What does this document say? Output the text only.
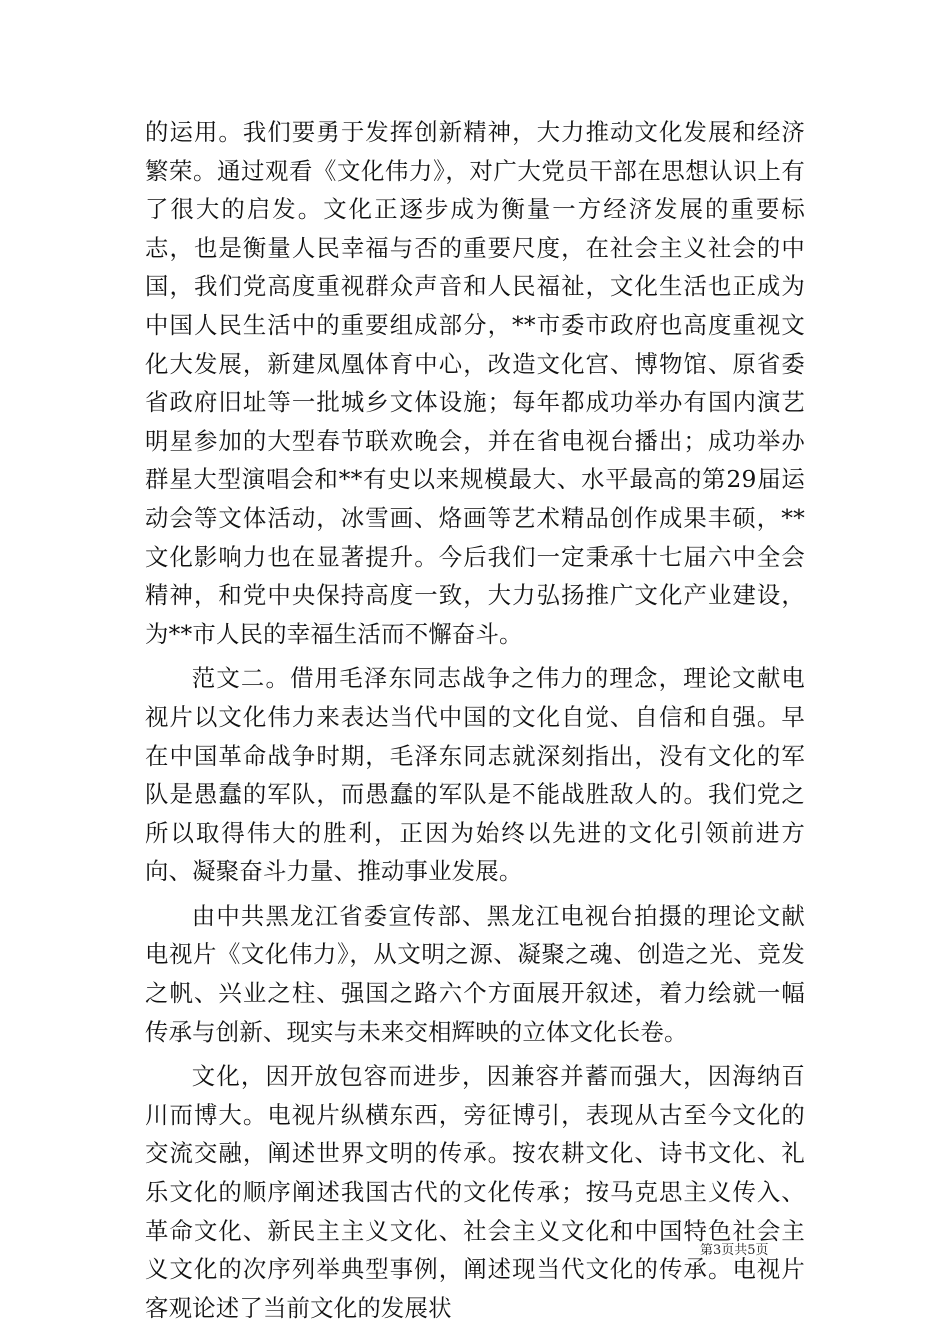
的运用。我们要勇于发挥创新精神，大力推动文化发展和经济繁荣。通过观看《文化伟力》，对广大党员干部在思想认识上有了很大的启发。文化正逐步成为衡量一方经济发展的重要标志，也是衡量人民幸福与否的重要尺度，在社会主义社会的中国，我们党高度重视群众声音和人民福祉，文化生活也正成为中国人民生活中的重要组成部分，**市委市政府也高度重视文化大发展，新建凤凰体育中心，改造文化宫、博物馆、原省委省政府旧址等一批城乡文体设施；每年都成功举办有国内演艺明星参加的大型春节联欢晚会，并在省电视台播出；成功举办群星大型演唱会和**有史以来规模最大、水平最高的第29届运动会等文体活动，冰雪画、烙画等艺术精品创作成果丰硕，**文化影响力也在显著提升。今后我们一定秉承十七届六中全会精神，和党中央保持高度一致，大力弘扬推广文化产业建设，为**市人民的幸福生活而不懈奋斗。

范文二。借用毛泽东同志战争之伟力的理念，理论文献电视片以文化伟力来表达当代中国的文化自觉、自信和自强。早在中国革命战争时期，毛泽东同志就深刻指出，没有文化的军队是愚蠢的军队，而愚蠢的军队是不能战胜敌人的。我们党之所以取得伟大的胜利，正因为始终以先进的文化引领前进方向、凝聚奋斗力量、推动事业发展。

由中共黑龙江省委宣传部、黑龙江电视台拍摄的理论文献电视片《文化伟力》，从文明之源、凝聚之魂、创造之光、竞发之帆、兴业之柱、强国之路六个方面展开叙述，着力绘就一幅传承与创新、现实与未来交相辉映的立体文化长卷。

文化，因开放包容而进步，因兼容并蓄而强大，因海纳百川而博大。电视片纵横东西，旁征博引，表现从古至今文化的交流交融，阐述世界文明的传承。按农耕文化、诗书文化、礼乐文化的顺序阐述我国古代的文化传承；按马克思主义传入、革命文化、新民主主义文化、社会主义文化和中国特色社会主义文化的次序列举典型事例，阐述现当代文化的传承。电视片客观论述了当前文化的发展状

第3页共5页
